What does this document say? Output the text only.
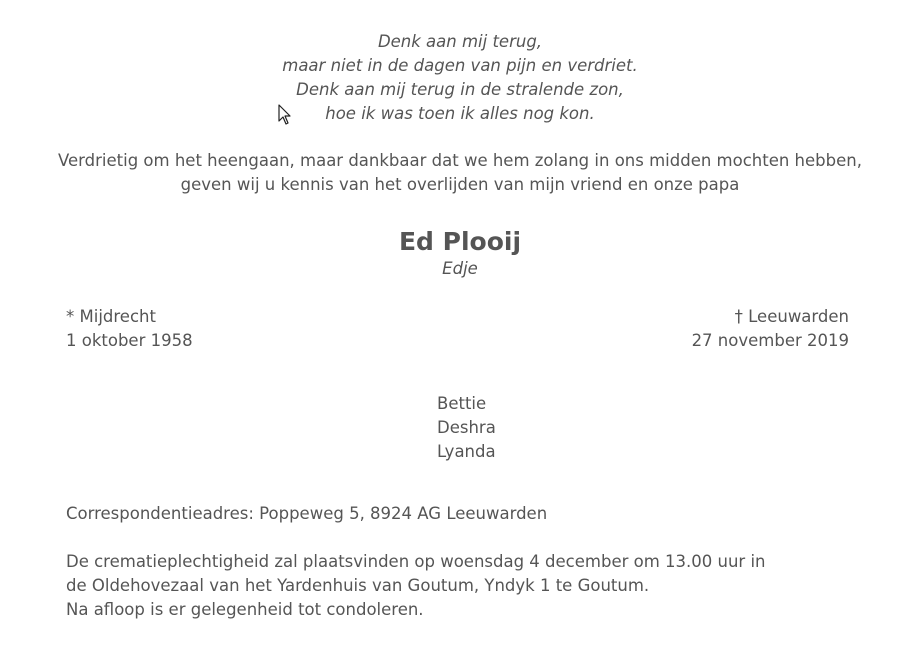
Denk aan mij terug,
maar niet in de dagen van pijn en verdriet.
Denk aan mij terug in de stralende zon,
hoe ik was toen ik alles nog kon.
Verdrietig om het heengaan, maar dankbaar dat we hem zolang in ons midden mochten hebben,
geven wij u kennis van het overlijden van mijn vriend en onze papa
Ed Plooij
Edje
* Mijdrecht
1 oktober 1958
† Leeuwarden
27 november 2019
Bettie
Deshra
Lyanda
Correspondentieadres: Poppeweg 5, 8924 AG Leeuwarden
De crematieplechtigheid zal plaatsvinden op woensdag 4 december om 13.00 uur in
de Oldehovezaal van het Yardenhuis van Goutum, Yndyk 1 te Goutum.
Na afloop is er gelegenheid tot condoleren.
